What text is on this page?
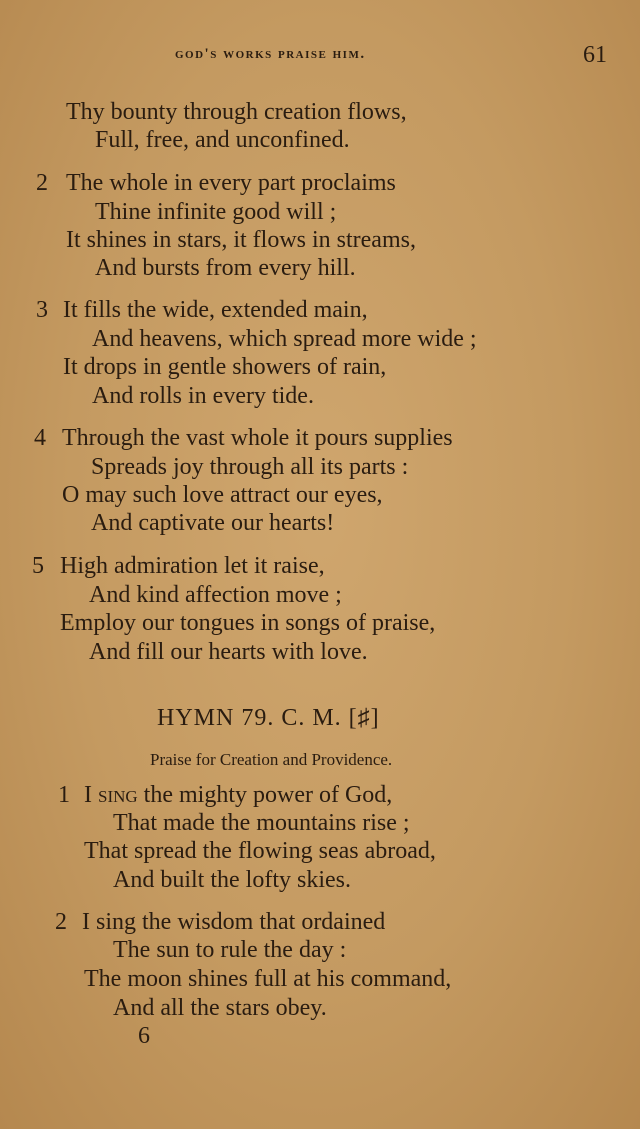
god's works praise him.	61
Thy bounty through creation flows,
Full, free, and unconfined.
2 The whole in every part proclaims
Thine infinite good will ;
It shines in stars, it flows in streams,
And bursts from every hill.
3 It fills the wide, extended main,
And heavens, which spread more wide ;
It drops in gentle showers of rain,
And rolls in every tide.
4 Through the vast whole it pours supplies
Spreads joy through all its parts :
O may such love attract our eyes,
And captivate our hearts!
5 High admiration let it raise,
And kind affection move ;
Employ our tongues in songs of praise,
And fill our hearts with love.
HYMN 79. C. M. [♯]
Praise for Creation and Providence.
1 I sing the mighty power of God,
That made the mountains rise ;
That spread the flowing seas abroad,
And built the lofty skies.
2 I sing the wisdom that ordained
The sun to rule the day :
The moon shines full at his command,
And all the stars obey.
6
